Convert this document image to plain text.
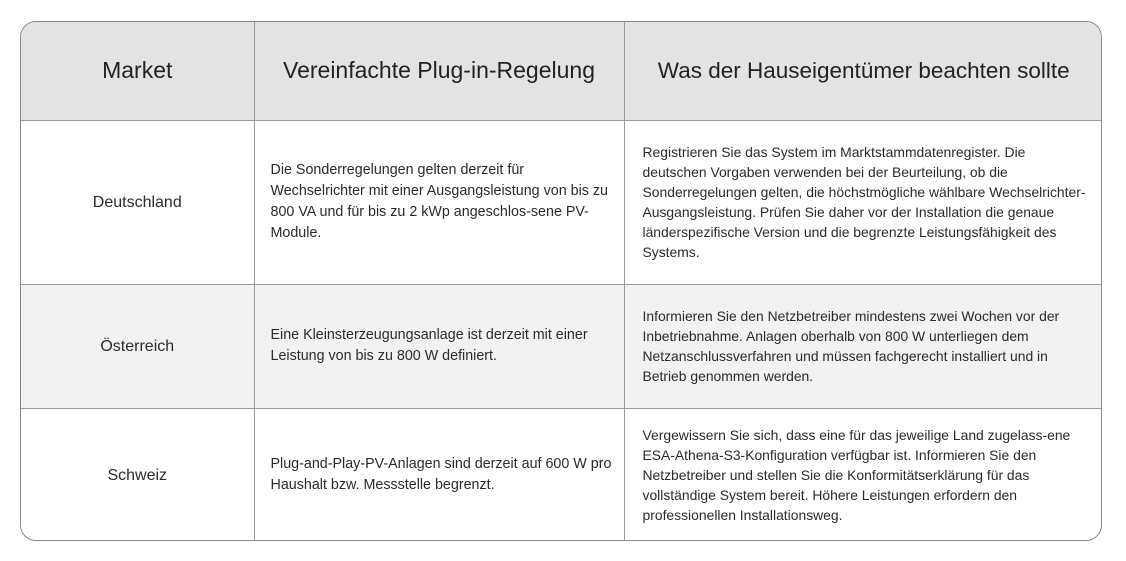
Market	Vereinfachte Plug-in-Regelung	Was der Hauseigentümer beachten sollte
Deutschland	Die Sonderregelungen gelten derzeit für Wechselrichter mit einer Ausgangsleistung von bis zu 800 VA und für bis zu 2 kWp angeschlos-sene PV-Module.	Registrieren Sie das System im Marktstammdatenregister. Die deutschen Vorgaben verwenden bei der Beurteilung, ob die Sonderregelungen gelten, die höchstmögliche wählbare Wechselrichter-Ausgangsleistung. Prüfen Sie daher vor der Installation die genaue länderspezifische Version und die begrenzte Leistungsfähigkeit des Systems.

Österreich	Eine Kleinsterzeugungsanlage ist derzeit mit einer Leistung von bis zu 800 W definiert.	Informieren Sie den Netzbetreiber mindestens zwei Wochen vor der Inbetriebnahme. Anlagen oberhalb von 800 W unterliegen dem Netzanschlussverfahren und müssen fachgerecht installiert und in Betrieb genommen werden.

Schweiz	Plug-and-Play-PV-Anlagen sind derzeit auf 600 W pro Haushalt bzw. Messstelle begrenzt.	Vergewissern Sie sich, dass eine für das jeweilige Land zugelass-ene ESA-Athena-S3-Konfiguration verfügbar ist. Informieren Sie den Netzbetreiber und stellen Sie die Konformitätserklärung für das vollständige System bereit. Höhere Leistungen erfordern den professionellen Installationsweg.
